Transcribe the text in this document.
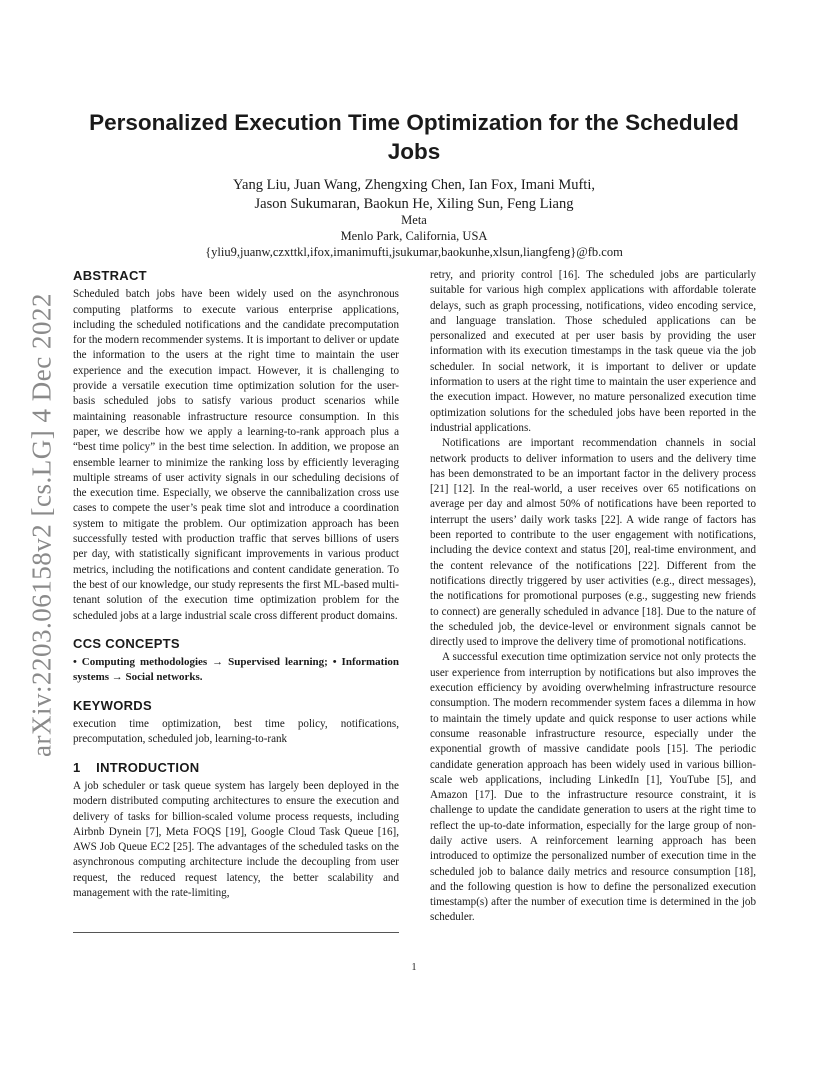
arXiv:2203.06158v2 [cs.LG] 4 Dec 2022
Personalized Execution Time Optimization for the Scheduled Jobs
Yang Liu, Juan Wang, Zhengxing Chen, Ian Fox, Imani Mufti,
Jason Sukumaran, Baokun He, Xiling Sun, Feng Liang
Meta
Menlo Park, California, USA
{yliu9,juanw,czxttkl,ifox,imanimufti,jsukumar,baokunhe,xlsun,liangfeng}@fb.com
ABSTRACT

Scheduled batch jobs have been widely used on the asynchronous computing platforms to execute various enterprise applications, including the scheduled notifications and the candidate precomputation for the modern recommender systems. It is important to deliver or update the information to the users at the right time to maintain the user experience and the execution impact. However, it is challenging to provide a versatile execution time optimization solution for the user-basis scheduled jobs to satisfy various product scenarios while maintaining reasonable infrastructure resource consumption. In this paper, we describe how we apply a learning-to-rank approach plus a “best time policy” in the best time selection. In addition, we propose an ensemble learner to minimize the ranking loss by efficiently leveraging multiple streams of user activity signals in our scheduling decisions of the execution time. Especially, we observe the cannibalization cross use cases to compete the user’s peak time slot and introduce a coordination system to mitigate the problem. Our optimization approach has been successfully tested with production traffic that serves billions of users per day, with statistically significant improvements in various product metrics, including the notifications and content candidate generation. To the best of our knowledge, our study represents the first ML-based multi-tenant solution of the execution time optimization problem for the scheduled jobs at a large industrial scale cross different product domains.

CCS CONCEPTS

• Computing methodologies → Supervised learning; • Information systems → Social networks.

KEYWORDS

execution time optimization, best time policy, notifications, precomputation, scheduled job, learning-to-rank

1    INTRODUCTION

A job scheduler or task queue system has largely been deployed in the modern distributed computing architectures to ensure the execution and delivery of tasks for billion-scaled volume process requests, including Airbnb Dynein [7], Meta FOQS [19], Google Cloud Task Queue [16], AWS Job Queue EC2 [25]. The advantages of the scheduled tasks on the asynchronous computing architecture include the decoupling from user request, the reduced request latency, the better scalability and management with the rate-limiting,

retry, and priority control [16]. The scheduled jobs are particularly suitable for various high complex applications with affordable tolerate delays, such as graph processing, notifications, video encoding service, and language translation. Those scheduled applications can be personalized and executed at per user basis by providing the user information with its execution timestamps in the task queue via the job scheduler. In social network, it is important to deliver or update information to users at the right time to maintain the user experience and the execution impact. However, no mature personalized execution time optimization solutions for the scheduled jobs have been reported in the industrial applications.

Notifications are important recommendation channels in social network products to deliver information to users and the delivery time has been demonstrated to be an important factor in the delivery process [21] [12]. In the real-world, a user receives over 65 notifications on average per day and almost 50% of notifications have been reported to interrupt the users’ daily work tasks [22]. A wide range of factors has been reported to contribute to the user engagement with notifications, including the device context and status [20], real-time environment, and the content relevance of the notifications [22]. Different from the notifications directly triggered by user activities (e.g., direct messages), the notifications for promotional purposes (e.g., suggesting new friends to connect) are generally scheduled in advance [18]. Due to the nature of the scheduled job, the device-level or environment signals cannot be directly used to improve the delivery time of promotional notifications.

A successful execution time optimization service not only protects the user experience from interruption by notifications but also improves the execution efficiency by avoiding overwhelming infrastructure resource consumption. The modern recommender system faces a dilemma in how to maintain the timely update and quick response to user actions while consume reasonable infrastructure resource, especially under the exponential growth of massive candidate pools [15]. The periodic candidate generation approach has been widely used in various billion-scale web applications, including LinkedIn [1], YouTube [5], and Amazon [17]. Due to the infrastructure resource constraint, it is challenge to update the candidate generation to users at the right time to reflect the up-to-date information, especially for the large group of non-daily active users. A reinforcement learning approach has been introduced to optimize the personalized number of execution time in the scheduled job to balance daily metrics and resource consumption [18], and the following question is how to define the personalized execution timestamp(s) after the number of execution time is determined in the job scheduler.

1
